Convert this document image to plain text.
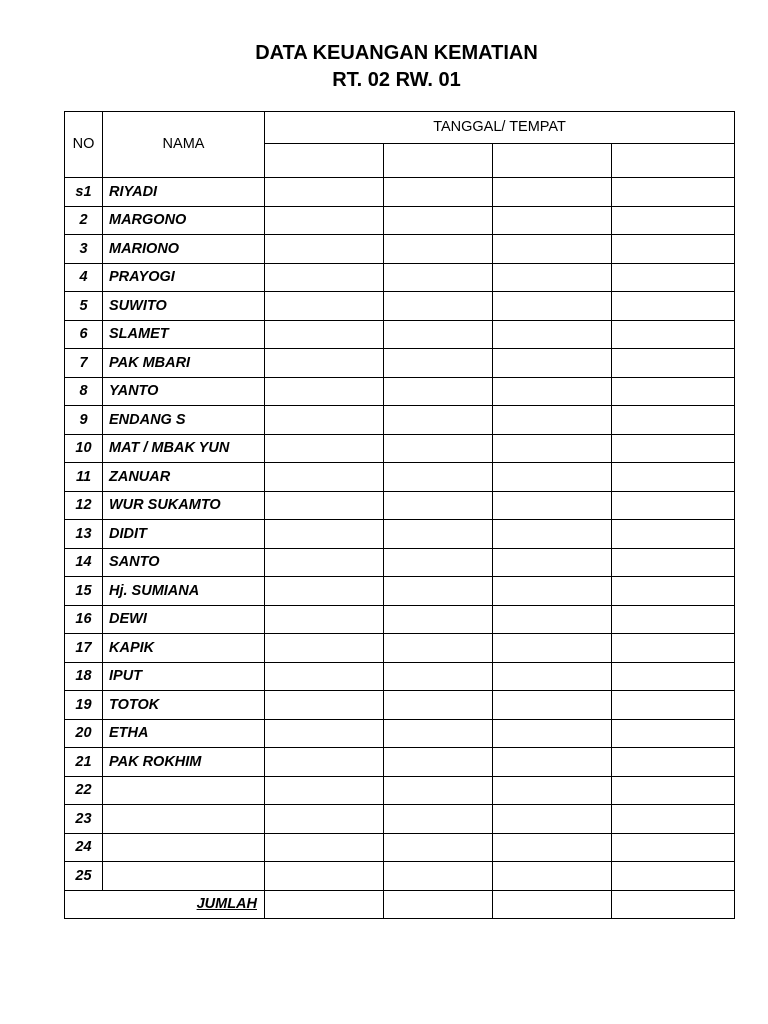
DATA KEUANGAN KEMATIAN
RT. 02 RW. 01
NO	NAMA	TANGGAL/ TEMPAT			

s1	RIYADI				
2	MARGONO				
3	MARIONO				
4	PRAYOGI				
5	SUWITO				
6	SLAMET				
7	PAK MBARI				
8	YANTO				
9	ENDANG S				
10	MAT / MBAK YUN				
11	ZANUAR				
12	WUR SUKAMTO				
13	DIDIT				
14	SANTO				
15	Hj. SUMIANA				
16	DEWI				
17	KAPIK				
18	IPUT				
19	TOTOK				
20	ETHA				
21	PAK ROKHIM				
22					
23					
24					
25					
JUMLAH					
